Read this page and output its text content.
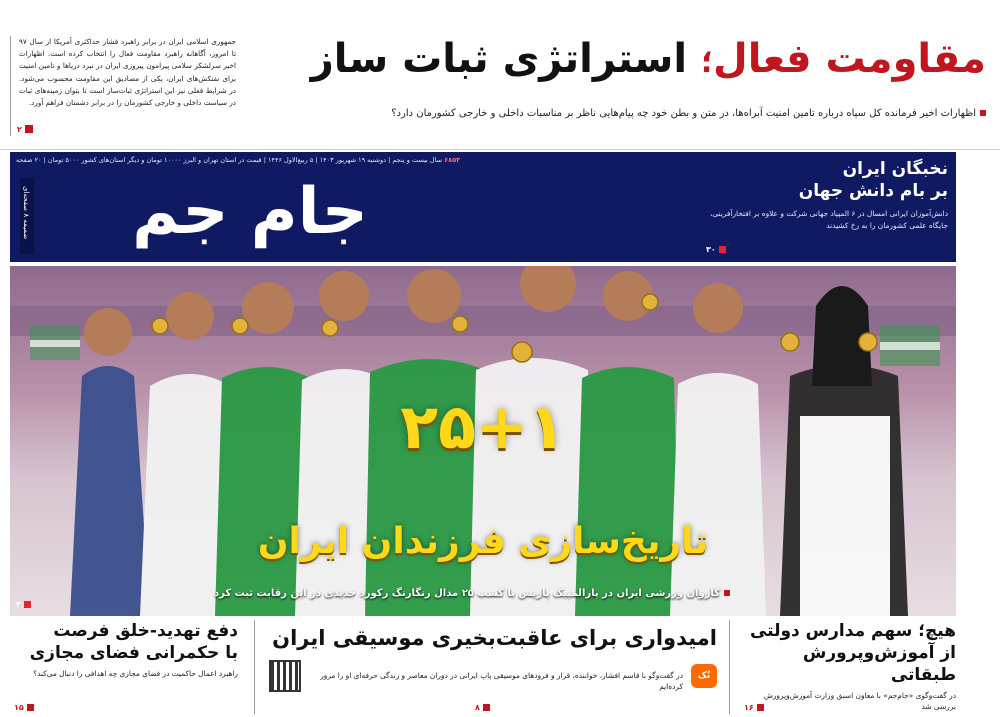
جمهوری اسلامی ایران در برابر راهبرد فشار حداکثری آمریکا از سال ۹۷ تا امروز، آگاهانه راهبرد مقاومت فعال را انتخاب کرده است. اظهارات اخیر سرلشکر سلامی پیرامون پیروزی ایران در نبرد دریاها و تامین امنیت برای نفتکش‌های ایران، یکی از مصادیق این مقاومت محسوب می‌شود. در شرایط فعلی نیز این استراتژی ثبات‌ساز است تا بتوان زمینه‌های ثبات در سیاست داخلی و خارجی کشورمان را در برابر دشمنان فراهم آورد.

۲
مقاومت فعال؛ استراتژی ثبات ساز
اظهارات اخیر فرمانده کل سپاه درباره تامین امنیت آبراه‌ها، در متن و بطن خود چه پیام‌هایی ناظر بر مناسبات داخلی و خارجی کشورمان دارد؟
۶۸۵۳ سال بیست و پنجم | دوشنبه ۱۹ شهریور ۱۴۰۳ | ۵ ربیع‌الاول ۱۴۴۶ | قیمت در استان تهران و البرز ۱۰۰۰۰ تومان و دیگر استان‌های کشور ۵۰۰۰ تومان | ۲۰ صفحه
ضمیمه ۸ صفحه‌ای	جام جم
نخبگان ایران
بر بام دانش جهان
دانش‌آموزان ایرانی امسال در ۶ المپیاد جهانی شرکت و علاوه بر افتخارآفرینی، جایگاه علمی کشورمان را به رخ کشیدند
۳۰
۲۵+۱
تاریخ‌سازی فرزندان ایران
کاروان ورزشی ایران در پارالمپیک پاریس با کسب ۲۵ مدال رنگارنگ رکورد جدیدی در این رقابت ثبت کرد
۴
هیچ؛ سهم مدارس دولتی
از آموزش‌وپرورش طبقاتی

در گفت‌وگوی «جام‌جم» با معاون اسبق وزارت آموزش‌وپرورش بررسی شد

۱۶
امیدواری برای عاقبت‌بخیری موسیقی ایران
تُک
در گفت‌وگو با قاسم افشار، خواننده، قرار و فرودهای موسیقی پاپ ایرانی در دوران معاصر و زندگی حرفه‌ای او را مرور کرده‌ایم
۸
دفع تهدید-خلق فرصت
با حکمرانی فضای مجازی

راهبرد اعمال حاکمیت در فضای مجازی چه اهدافی را دنبال می‌کند؟

۱۵
